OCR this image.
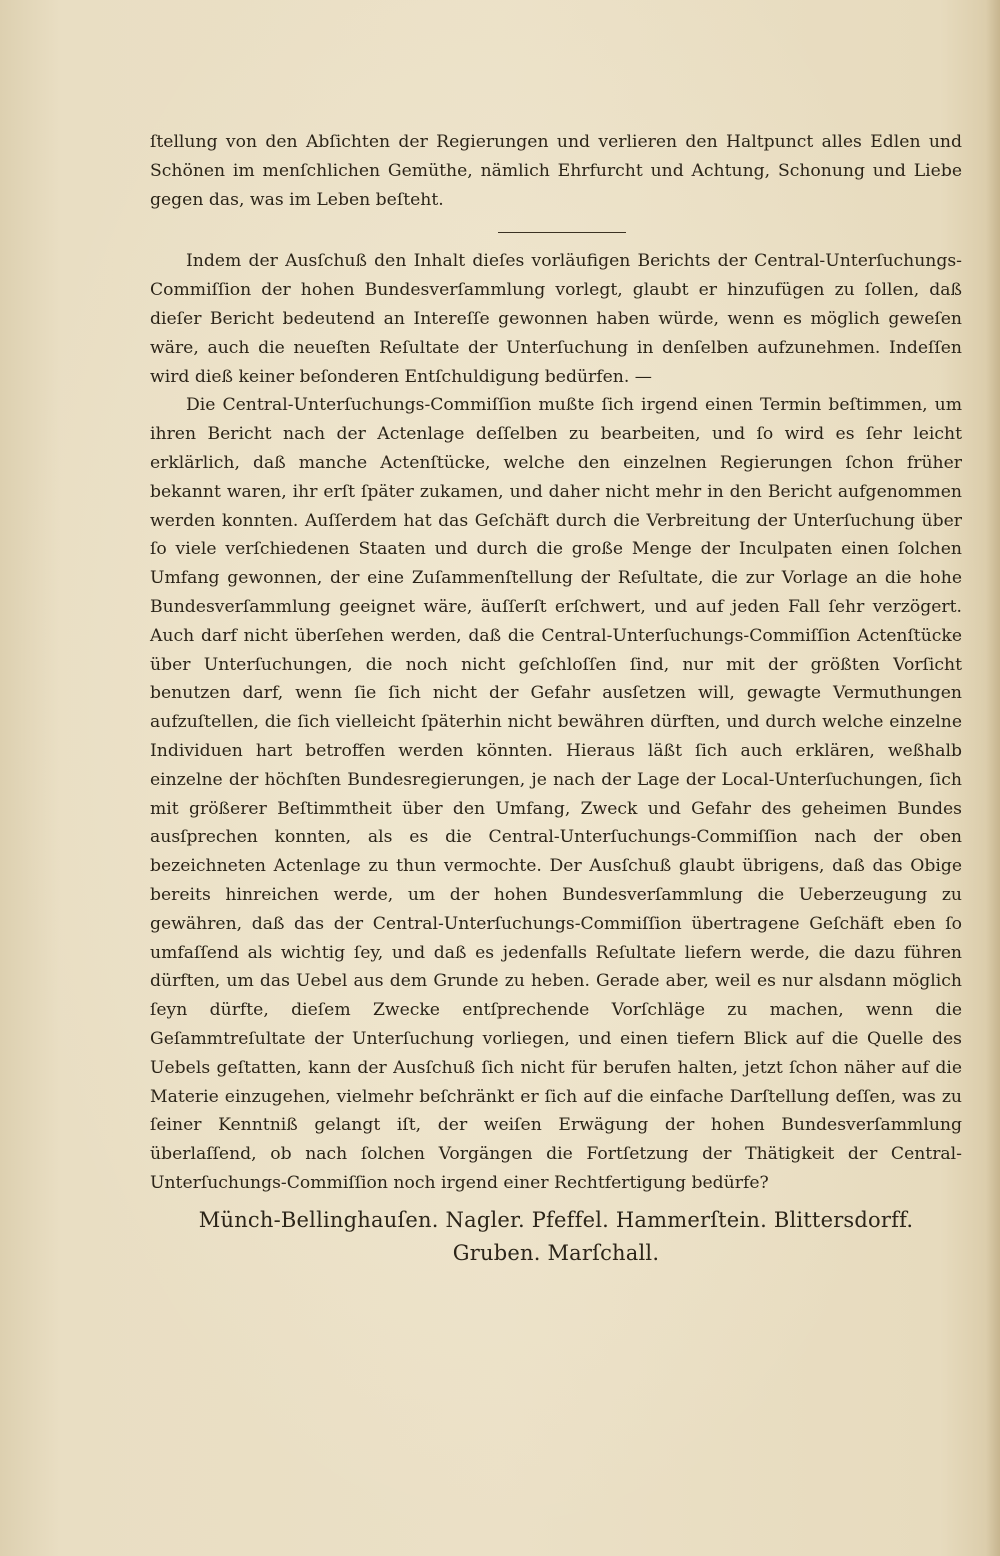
ſtellung von den Abſichten der Regierungen und verlieren den Haltpunct alles Edlen und Schönen im menſchlichen Gemüthe, nämlich Ehrfurcht und Achtung, Schonung und Liebe gegen das, was im Leben beſteht.

Indem der Ausſchuß den Inhalt dieſes vorläufigen Berichts der Central-Unterſuchungs-Commiſſion der hohen Bundesverſammlung vorlegt, glaubt er hinzufügen zu ſollen, daß dieſer Bericht bedeutend an Intereſſe gewonnen haben würde, wenn es möglich geweſen wäre, auch die neueſten Reſultate der Unterſuchung in denſelben aufzunehmen. Indeſſen wird dieß keiner beſonderen Entſchuldigung bedürfen. —

Die Central-Unterſuchungs-Commiſſion mußte ſich irgend einen Termin beſtimmen, um ihren Bericht nach der Actenlage deſſelben zu bearbeiten, und ſo wird es ſehr leicht erklärlich, daß manche Actenſtücke, welche den einzelnen Regierungen ſchon früher bekannt waren, ihr erſt ſpäter zukamen, und daher nicht mehr in den Bericht aufgenommen werden konnten. Auſſerdem hat das Geſchäft durch die Verbreitung der Unterſuchung über ſo viele verſchiedenen Staaten und durch die große Menge der Inculpaten einen ſolchen Umfang gewonnen, der eine Zuſammenſtellung der Reſultate, die zur Vorlage an die hohe Bundesverſammlung geeignet wäre, äuſſerſt erſchwert, und auf jeden Fall ſehr verzögert. Auch darf nicht überſehen werden, daß die Central-Unterſuchungs-Commiſſion Actenſtücke über Unterſuchungen, die noch nicht geſchloſſen ſind, nur mit der größten Vorſicht benutzen darf, wenn ſie ſich nicht der Gefahr ausſetzen will, gewagte Vermuthungen aufzuſtellen, die ſich vielleicht ſpäterhin nicht bewähren dürften, und durch welche einzelne Individuen hart betroffen werden könnten. Hieraus läßt ſich auch erklären, weßhalb einzelne der höchſten Bundesregierungen, je nach der Lage der Local-Unterſuchungen, ſich mit größerer Beſtimmtheit über den Umfang, Zweck und Gefahr des geheimen Bundes ausſprechen konnten, als es die Central-Unterſuchungs-Commiſſion nach der oben bezeichneten Actenlage zu thun vermochte. Der Ausſchuß glaubt übrigens, daß das Obige bereits hinreichen werde, um der hohen Bundesverſammlung die Ueberzeugung zu gewähren, daß das der Central-Unterſuchungs-Commiſſion übertragene Geſchäft eben ſo umfaſſend als wichtig ſey, und daß es jedenfalls Reſultate liefern werde, die dazu führen dürften, um das Uebel aus dem Grunde zu heben. Gerade aber, weil es nur alsdann möglich ſeyn dürfte, dieſem Zwecke entſprechende Vorſchläge zu machen, wenn die Geſammtreſultate der Unterſuchung vorliegen, und einen tiefern Blick auf die Quelle des Uebels geſtatten, kann der Ausſchuß ſich nicht für berufen halten, jetzt ſchon näher auf die Materie einzugehen, vielmehr beſchränkt er ſich auf die einfache Darſtellung deſſen, was zu ſeiner Kenntniß gelangt iſt, der weiſen Erwägung der hohen Bundesverſammlung überlaſſend, ob nach ſolchen Vorgängen die Fortſetzung der Thätigkeit der Central-Unterſuchungs-Commiſſion noch irgend einer Rechtfertigung bedürfe?

Münch-Bellinghauſen. Nagler. Pfeffel. Hammerſtein. Blittersdorff.
Gruben. Marſchall.
